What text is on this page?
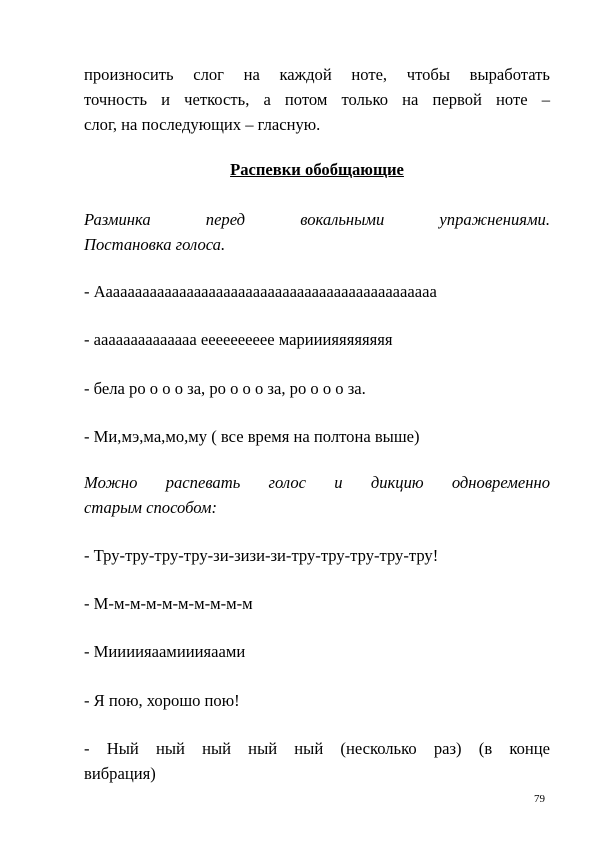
произносить слог на каждой ноте, чтобы выработать
точность и четкость, а потом только на первой ноте –
слог, на последующих – гласную.

Распевки обобщающие

Разминка перед вокальными упражнениями.
Постановка голоса.

- Аааааааааааааааааааааааааааааааааааааааааааааа

- аааааааааааааа ееееееееее марииияяяяяяяя

- бела ро о о о за, ро о о о за, ро о о о за.

- Ми,мэ,ма,мо,му ( все время на полтона выше)

Можно распевать голос и дикцию одновременно
старым способом:

- Тру-тру-тру-тру-зи-зизи-зи-тру-тру-тру-тру-тру!

- М-м-м-м-м-м-м-м-м-м

- Миииияаамииияаами

- Я пою, хорошо пою!

- Ный ный ный ный ный (несколько раз) (в конце
вибрация)

79
